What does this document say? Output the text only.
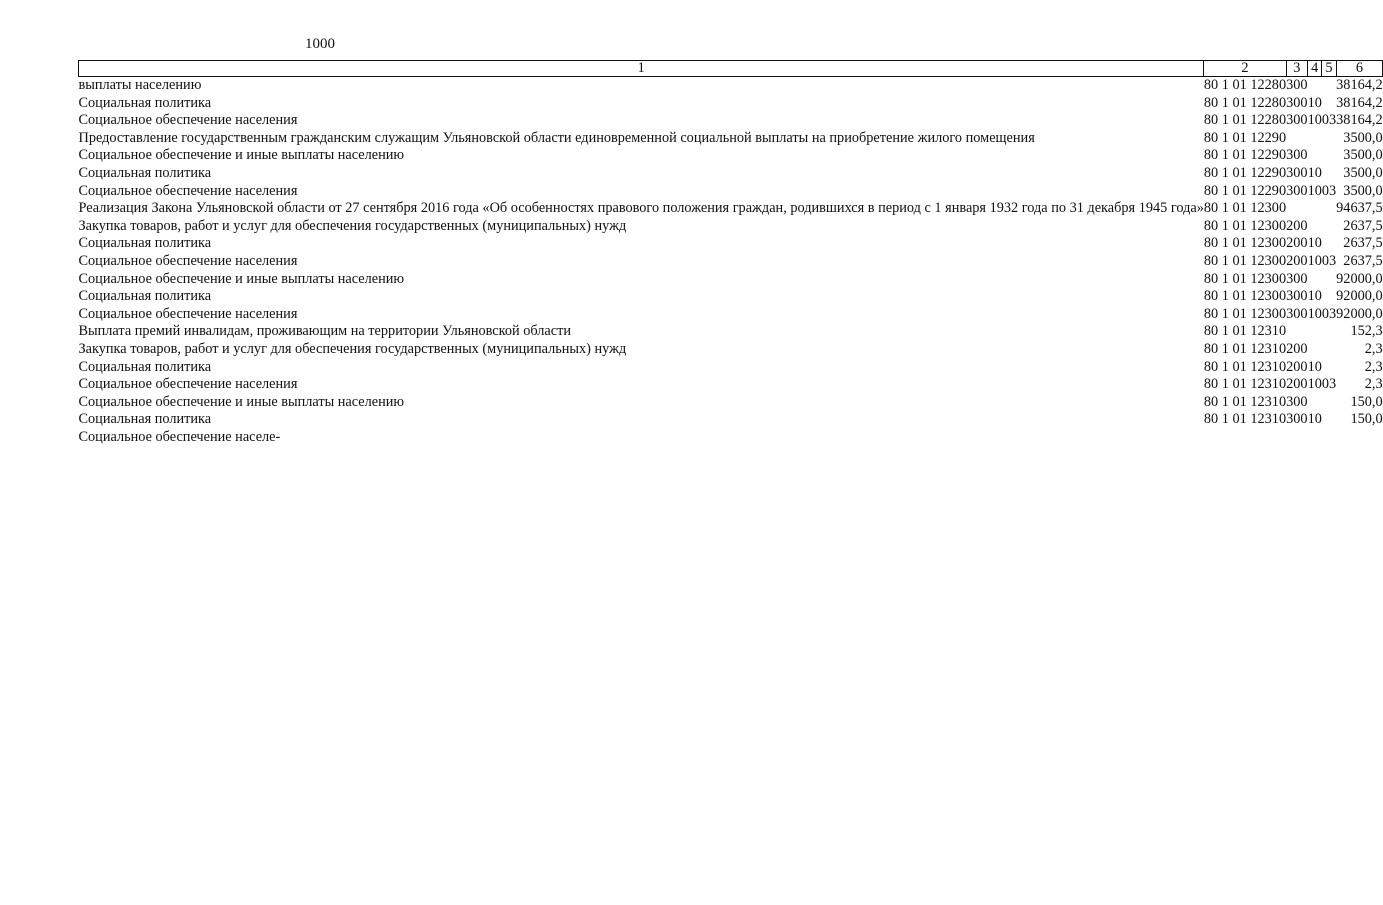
1000
1	2	3	4	5	6
выплаты населению	80 1 01 12280	300			38164,2
Социальная политика	80 1 01 12280	300	10		38164,2
Социальное обеспечение населения	80 1 01 12280	300	10	03	38164,2
Предоставление государственным гражданским служащим Ульяновской области единовременной социальной выплаты на приобретение жилого помещения	80 1 01 12290				3500,0
Социальное обеспечение и иные выплаты населению	80 1 01 12290	300			3500,0
Социальная политика	80 1 01 12290	300	10		3500,0
Социальное обеспечение населения	80 1 01 12290	300	10	03	3500,0
Реализация Закона Ульяновской области от 27 сентября 2016 года «Об особенностях правового положения граждан, родившихся в период с 1 января 1932 года по 31 декабря 1945 года»	80 1 01 12300				94637,5
Закупка товаров, работ и услуг для обеспечения государственных (муниципальных) нужд	80 1 01 12300	200			2637,5
Социальная политика	80 1 01 12300	200	10		2637,5
Социальное обеспечение населения	80 1 01 12300	200	10	03	2637,5
Социальное обеспечение и иные выплаты населению	80 1 01 12300	300			92000,0
Социальная политика	80 1 01 12300	300	10		92000,0
Социальное обеспечение населения	80 1 01 12300	300	10	03	92000,0
Выплата премий инвалидам, проживающим на территории Ульяновской области	80 1 01 12310				152,3
Закупка товаров, работ и услуг для обеспечения государственных (муниципальных) нужд	80 1 01 12310	200			2,3
Социальная политика	80 1 01 12310	200	10		2,3
Социальное обеспечение населения	80 1 01 12310	200	10	03	2,3
Социальное обеспечение и иные выплаты населению	80 1 01 12310	300			150,0
Социальная политика	80 1 01 12310	300	10		150,0
Социальное обеспечение населе-					
